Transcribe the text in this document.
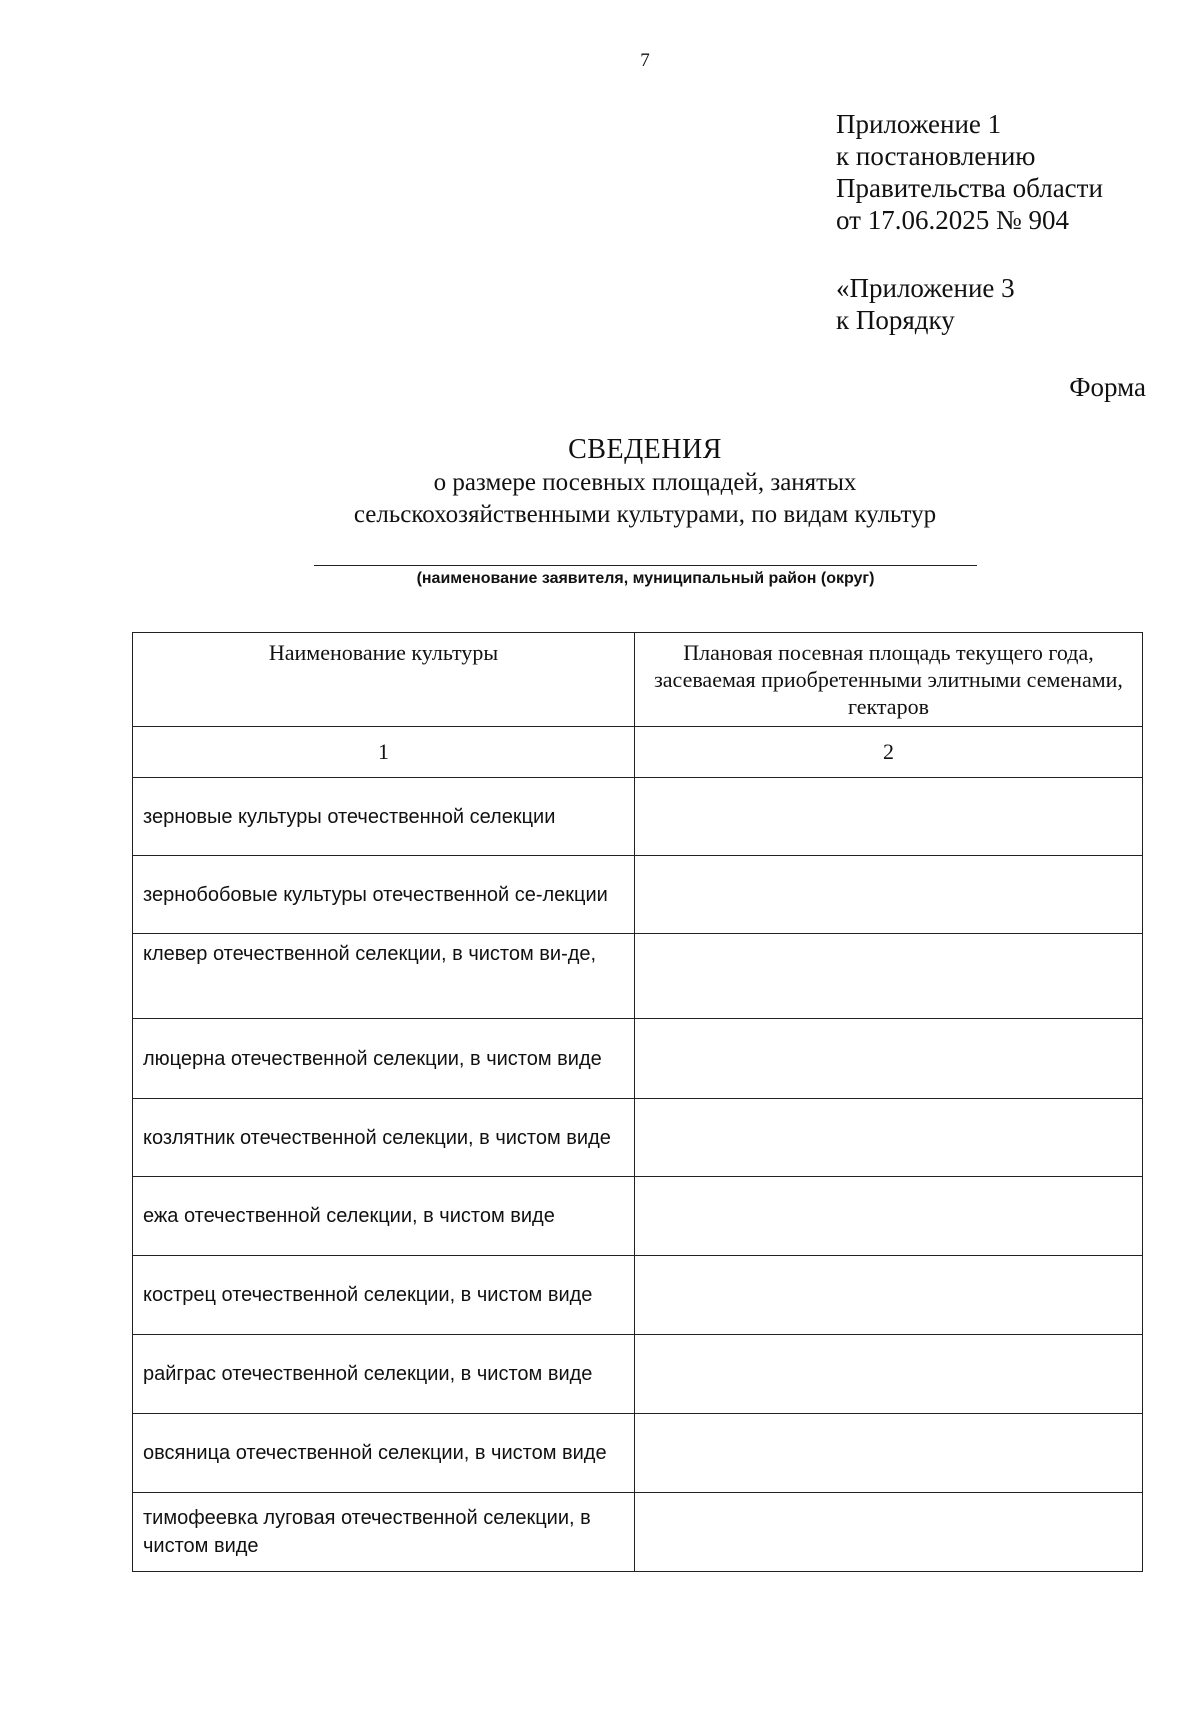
7
Приложение 1
к постановлению
Правительства области
от 17.06.2025 № 904
«Приложение 3
к Порядку
Форма
СВЕДЕНИЯ
о размере посевных площадей, занятых
сельскохозяйственными культурами, по видам культур
(наименование заявителя, муниципальный район (округ)
Наименование культуры	Плановая посевная площадь текущего года, засеваемая приобретенными элитными семенами, гектаров
1	2
зерновые культуры отечественной селекции	
зернобобовые культуры отечественной се-лекции	
клевер отечественной селекции, в чистом ви-де,	
люцерна отечественной селекции, в чистом виде	
козлятник отечественной селекции, в чистом виде	
ежа отечественной селекции, в чистом виде	
кострец отечественной селекции, в чистом виде	
райграс отечественной селекции, в чистом виде	
овсяница отечественной селекции, в чистом виде	
тимофеевка луговая отечественной селекции, в чистом виде	
